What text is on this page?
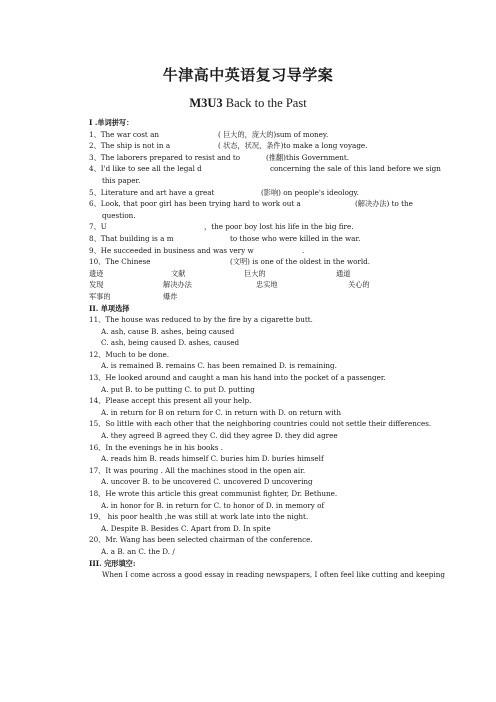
牛津高中英语复习导学案
M3U3 Back to the Past
I .单词拼写：
1、The war cost an	( 巨大的，庞大的)sum of money.
2、The ship is not in a	( 状态，状况，条件)to make a long voyage.
3、The laborers prepared to resist and to	(推翻)this Government.
4、I'd like to see all the legal d	concerning the sale of this land before we sign
this paper.
5、Literature and art have a great	(影响) on people's ideology.
6、Look, that poor girl has been trying hard to work out a	(解决办法) to the
question.
7、U	，the poor boy lost his life in the big fire.
8、That building is a m	to those who were killed in the war.
9、He succeeded in business and was very w	.
10、The Chinese	(文明) is one of the oldest in the world.
遗迹	文献	巨大的	通道
发现	解决办法	忠实地	关心的
军事的	爆炸
II. 单项选择
11、The house was reduced to by the fire by a cigarette butt.
A. ash, cause B. ashes, being caused
C. ash, being caused D. ashes, caused
12、Much to be done.
A. is remained B. remains C. has been remained D. is remaining.
13、He looked around and caught a man his hand into the pocket of a passenger.
A. put B. to be putting C. to put D. putting
14、Please accept this present all your help.
A. in return for B on return for C. in return with D. on return with
15、So little with each other that the neighboring countries could not settle their differences.
A. they agreed B agreed they C. did they agree D. they did agree
16、In the evenings he in his books .
A. reads him B. reads himself C. buries him D. buries himself
17、It was pouring . All the machines stood in the open air.
A. uncover B. to be uncovered C. uncovered D uncovering
18、He wrote this article this great communist fighter, Dr. Bethune.
A. in honor for B. in return for C. to honor of D. in memory of
19、 his poor health ,he was still at work late into the night.
A. Despite B. Besides C. Apart from D. In spite
20、Mr. Wang has been selected chairman of the conference.
A. a B. an C. the D. /
III. 完形填空:
When I come across a good essay in reading newspapers, I often feel like cutting and keeping
